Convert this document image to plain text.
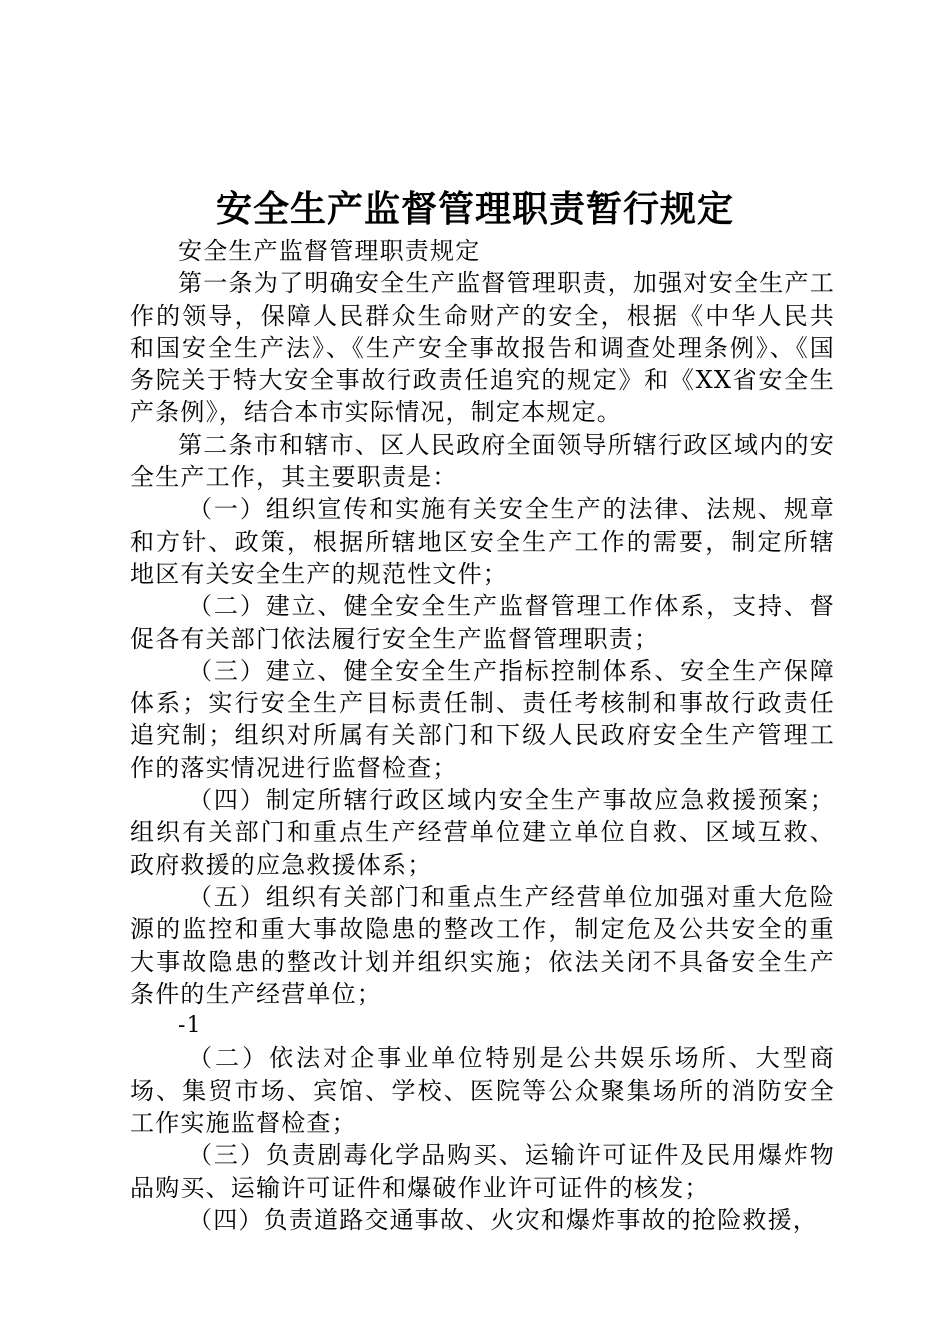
安全生产监督管理职责暂行规定

安全生产监督管理职责规定

第一条为了明确安全生产监督管理职责，加强对安全生产工作的领导，保障人民群众生命财产的安全，根据《中华人民共和国安全生产法》、《生产安全事故报告和调查处理条例》、《国务院关于特大安全事故行政责任追究的规定》和《XX省安全生产条例》，结合本市实际情况，制定本规定。

第二条市和辖市、区人民政府全面领导所辖行政区域内的安全生产工作，其主要职责是：

（一）组织宣传和实施有关安全生产的法律、法规、规章和方针、政策，根据所辖地区安全生产工作的需要，制定所辖地区有关安全生产的规范性文件；

（二）建立、健全安全生产监督管理工作体系，支持、督促各有关部门依法履行安全生产监督管理职责；

（三）建立、健全安全生产指标控制体系、安全生产保障体系；实行安全生产目标责任制、责任考核制和事故行政责任追究制；组织对所属有关部门和下级人民政府安全生产管理工作的落实情况进行监督检查；

（四）制定所辖行政区域内安全生产事故应急救援预案；组织有关部门和重点生产经营单位建立单位自救、区域互救、政府救援的应急救援体系；

（五）组织有关部门和重点生产经营单位加强对重大危险源的监控和重大事故隐患的整改工作，制定危及公共安全的重大事故隐患的整改计划并组织实施；依法关闭不具备安全生产条件的生产经营单位；

-1

（二）依法对企事业单位特别是公共娱乐场所、大型商场、集贸市场、宾馆、学校、医院等公众聚集场所的消防安全工作实施监督检查；

（三）负责剧毒化学品购买、运输许可证件及民用爆炸物品购买、运输许可证件和爆破作业许可证件的核发；

（四）负责道路交通事故、火灾和爆炸事故的抢险救援，
